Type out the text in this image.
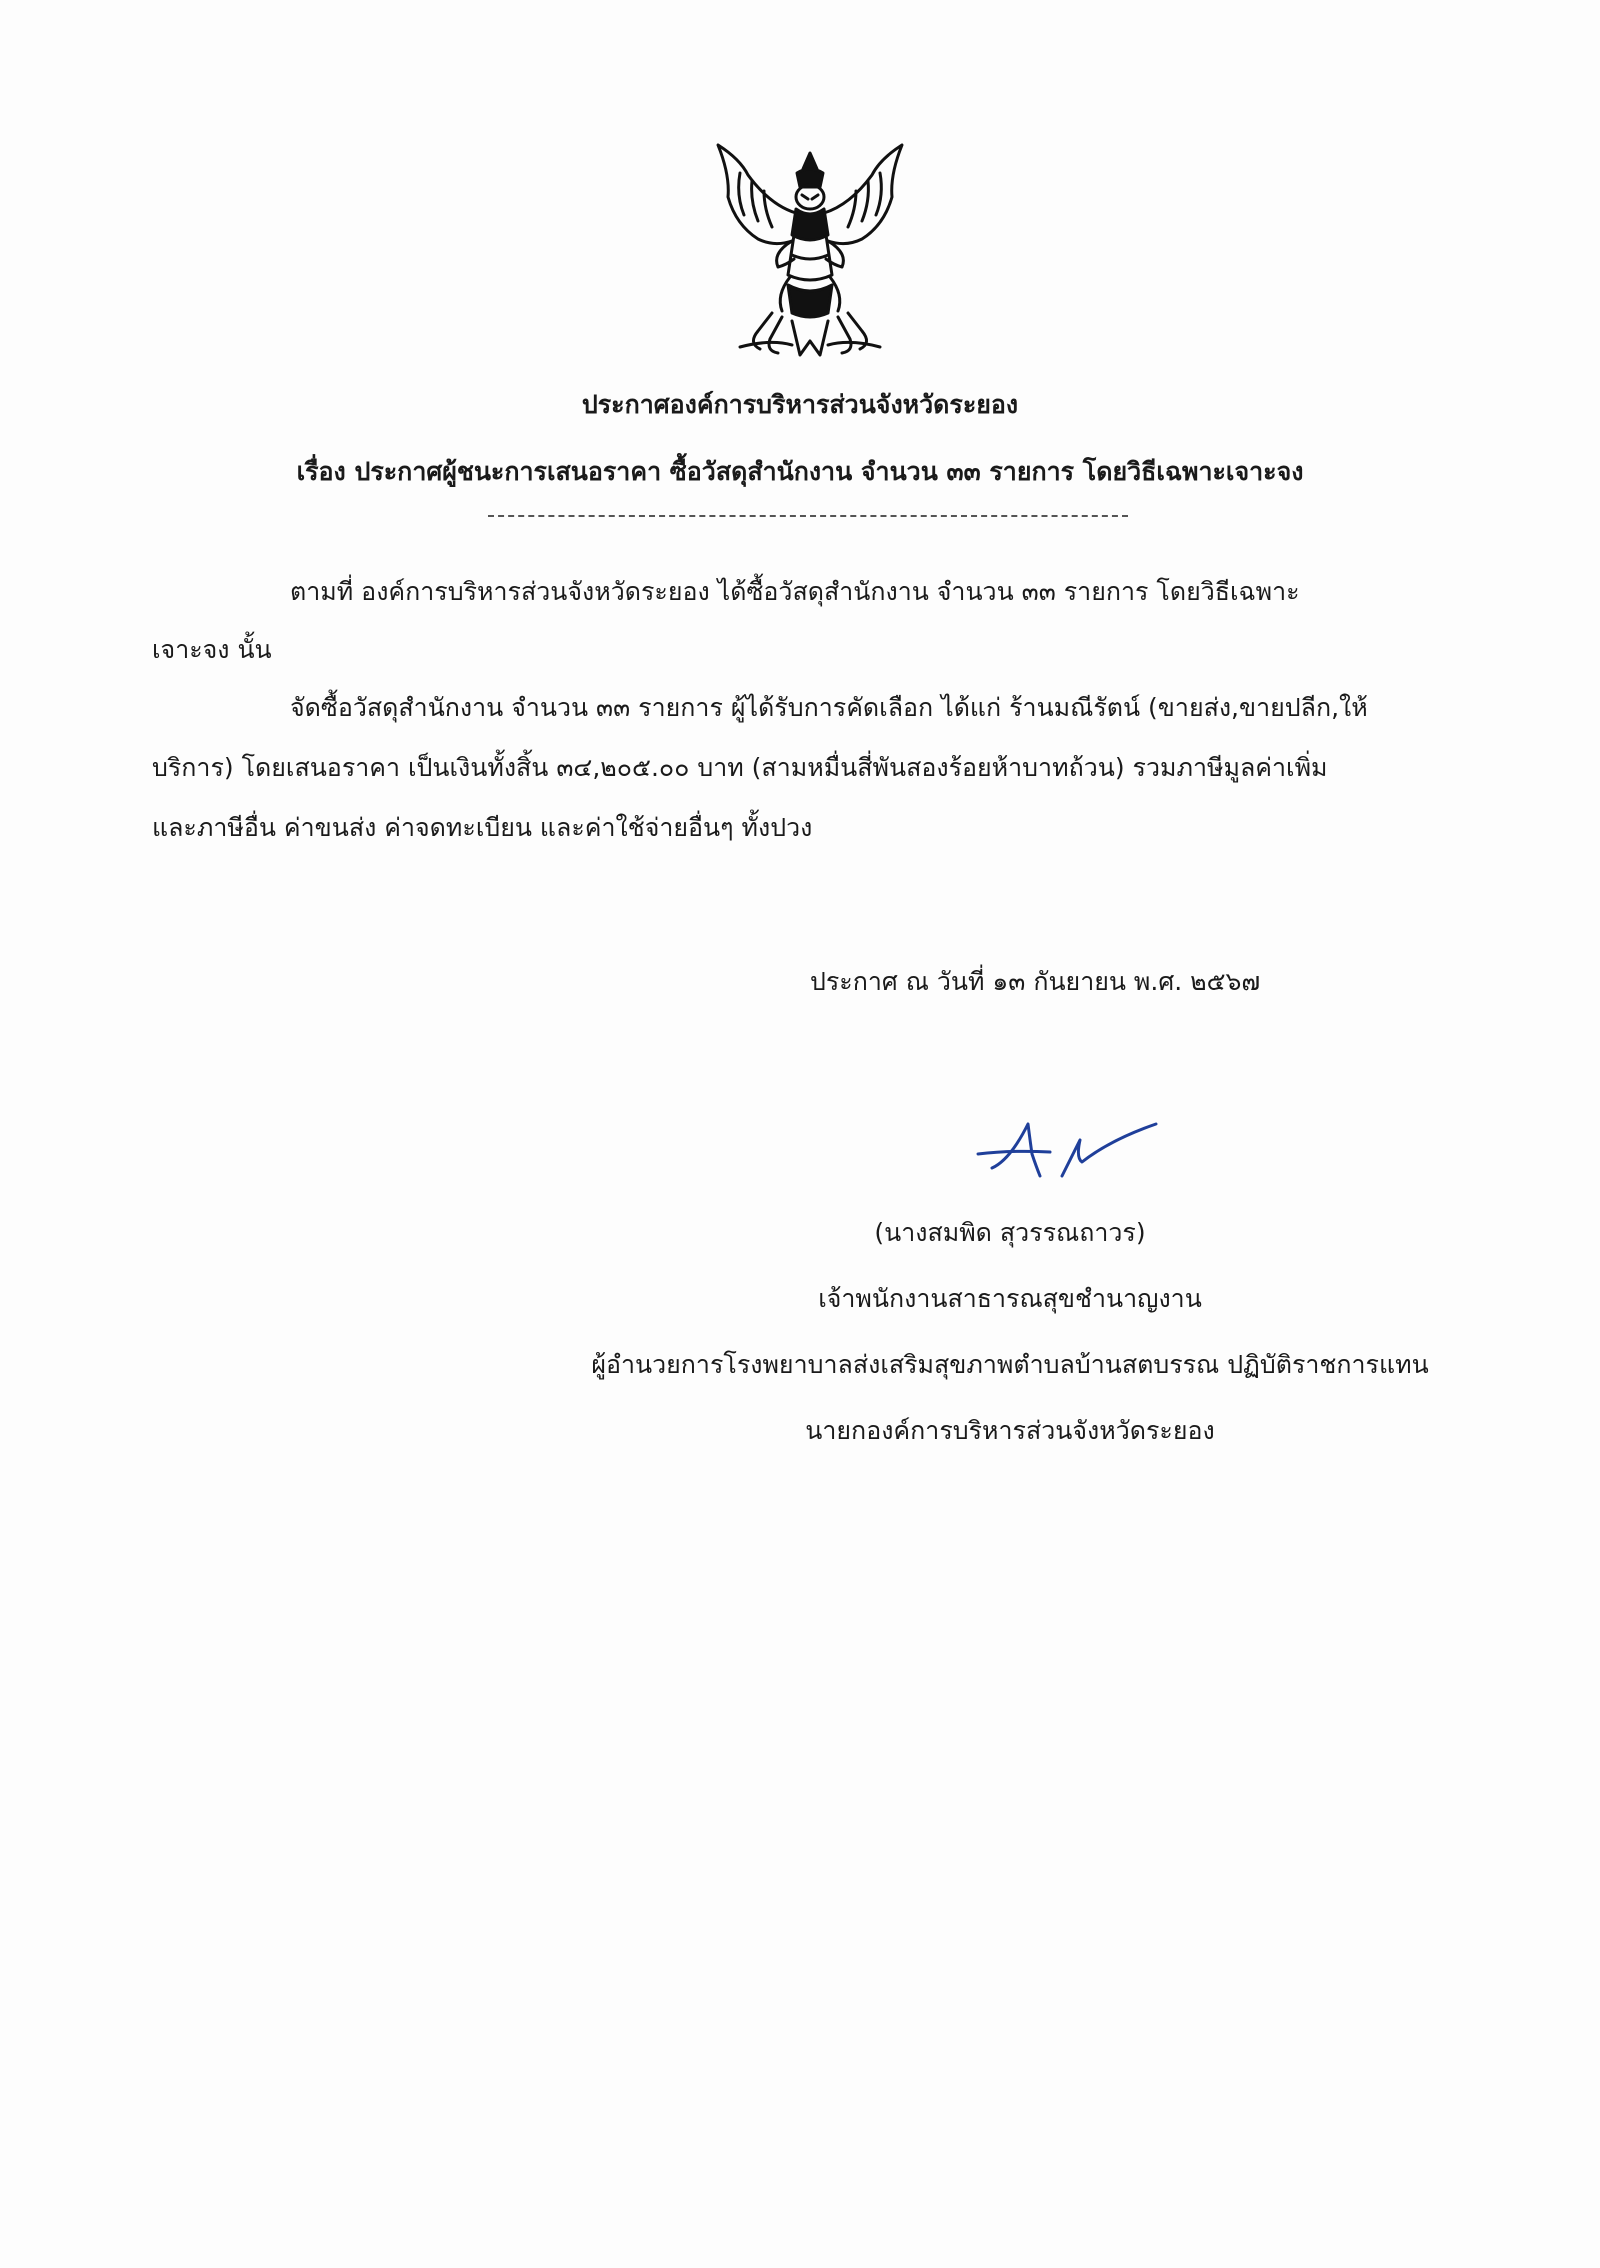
ประกาศองค์การบริหารส่วนจังหวัดระยอง

เรื่อง ประกาศผู้ชนะการเสนอราคา ซื้อวัสดุสำนักงาน จำนวน ๓๓ รายการ โดยวิธีเฉพาะเจาะจง

ตามที่ องค์การบริหารส่วนจังหวัดระยอง ได้ซื้อวัสดุสำนักงาน จำนวน ๓๓ รายการ โดยวิธีเฉพาะ

เจาะจง นั้น

จัดซื้อวัสดุสำนักงาน จำนวน ๓๓ รายการ ผู้ได้รับการคัดเลือก ได้แก่ ร้านมณีรัตน์ (ขายส่ง,ขายปลีก,ให้

บริการ) โดยเสนอราคา เป็นเงินทั้งสิ้น ๓๔,๒๐๕.๐๐ บาท (สามหมื่นสี่พันสองร้อยห้าบาทถ้วน) รวมภาษีมูลค่าเพิ่ม

และภาษีอื่น ค่าขนส่ง ค่าจดทะเบียน และค่าใช้จ่ายอื่นๆ ทั้งปวง

ประกาศ ณ วันที่ ๑๓ กันยายน พ.ศ. ๒๕๖๗

(นางสมพิด สุวรรณถาวร)

เจ้าพนักงานสาธารณสุขชำนาญงาน

ผู้อำนวยการโรงพยาบาลส่งเสริมสุขภาพตำบลบ้านสตบรรณ ปฏิบัติราชการแทน

นายกองค์การบริหารส่วนจังหวัดระยอง
